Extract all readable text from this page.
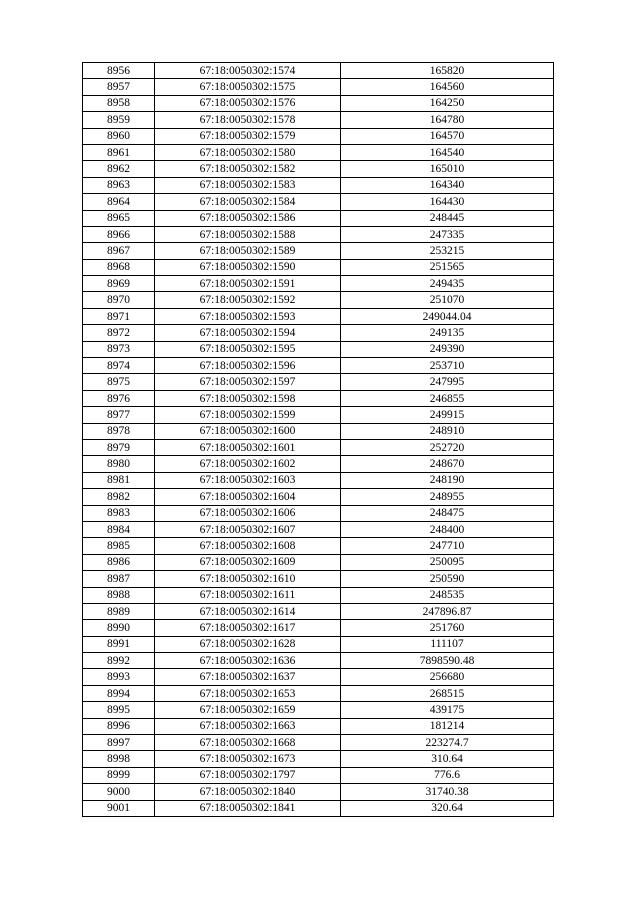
8956	67:18:0050302:1574	165820
8957	67:18:0050302:1575	164560
8958	67:18:0050302:1576	164250
8959	67:18:0050302:1578	164780
8960	67:18:0050302:1579	164570
8961	67:18:0050302:1580	164540
8962	67:18:0050302:1582	165010
8963	67:18:0050302:1583	164340
8964	67:18:0050302:1584	164430
8965	67:18:0050302:1586	248445
8966	67:18:0050302:1588	247335
8967	67:18:0050302:1589	253215
8968	67:18:0050302:1590	251565
8969	67:18:0050302:1591	249435
8970	67:18:0050302:1592	251070
8971	67:18:0050302:1593	249044.04
8972	67:18:0050302:1594	249135
8973	67:18:0050302:1595	249390
8974	67:18:0050302:1596	253710
8975	67:18:0050302:1597	247995
8976	67:18:0050302:1598	246855
8977	67:18:0050302:1599	249915
8978	67:18:0050302:1600	248910
8979	67:18:0050302:1601	252720
8980	67:18:0050302:1602	248670
8981	67:18:0050302:1603	248190
8982	67:18:0050302:1604	248955
8983	67:18:0050302:1606	248475
8984	67:18:0050302:1607	248400
8985	67:18:0050302:1608	247710
8986	67:18:0050302:1609	250095
8987	67:18:0050302:1610	250590
8988	67:18:0050302:1611	248535
8989	67:18:0050302:1614	247896.87
8990	67:18:0050302:1617	251760
8991	67:18:0050302:1628	111107
8992	67:18:0050302:1636	7898590.48
8993	67:18:0050302:1637	256680
8994	67:18:0050302:1653	268515
8995	67:18:0050302:1659	439175
8996	67:18:0050302:1663	181214
8997	67:18:0050302:1668	223274.7
8998	67:18:0050302:1673	310.64
8999	67:18:0050302:1797	776.6
9000	67:18:0050302:1840	31740.38
9001	67:18:0050302:1841	320.64
